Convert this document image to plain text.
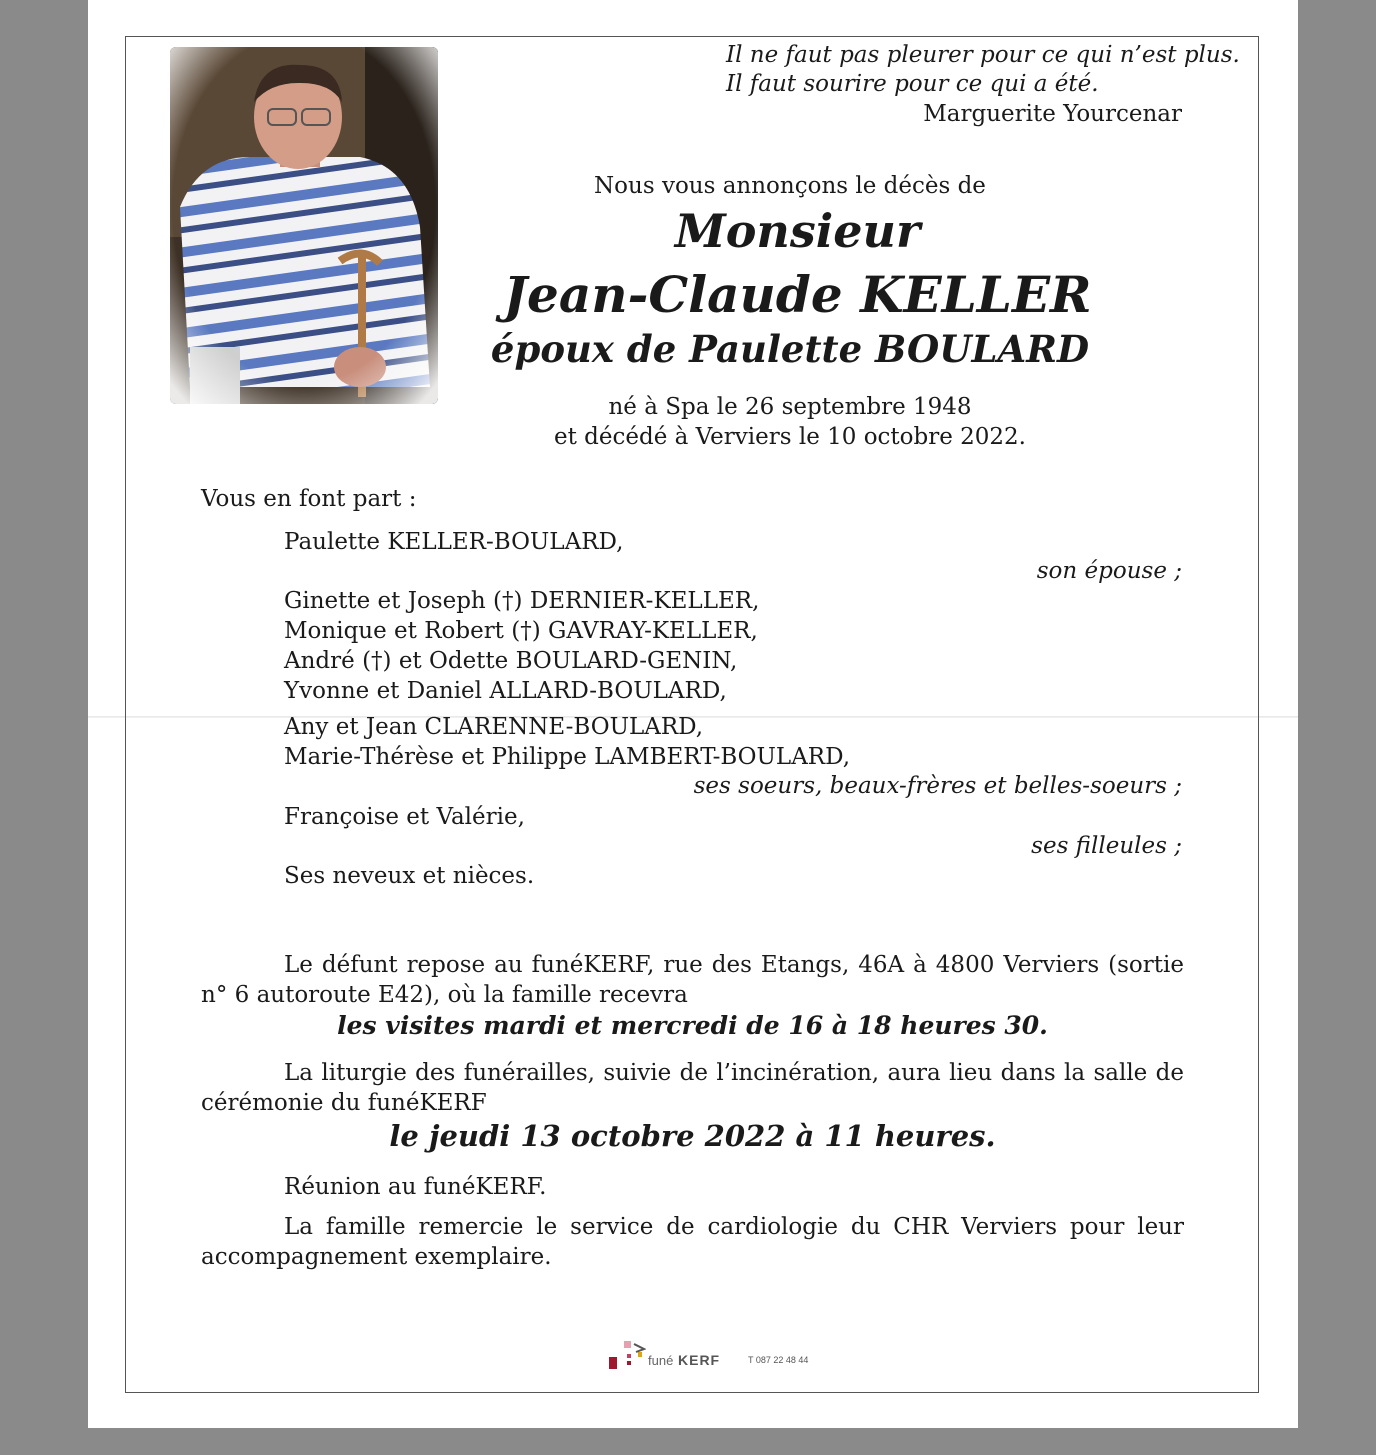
Il ne faut pas pleurer pour ce qui n’est plus.
Il faut sourire pour ce qui a été.
Marguerite Yourcenar
Nous vous annonçons le décès de
Monsieur
Jean-Claude KELLER
époux de Paulette BOULARD
né à Spa le 26 septembre 1948
et décédé à Verviers le 10 octobre 2022.
Vous en font part :
Paulette KELLER-BOULARD,
son épouse ;
Ginette et Joseph (†) DERNIER-KELLER,
Monique et Robert (†) GAVRAY-KELLER,
André (†) et Odette BOULARD-GENIN,
Yvonne et Daniel ALLARD-BOULARD,
Any et Jean CLARENNE-BOULARD,
Marie-Thérèse et Philippe LAMBERT-BOULARD,
ses soeurs, beaux-frères et belles-soeurs ;
Françoise et Valérie,
ses filleules ;
Ses neveux et nièces.
Le défunt repose au funéKERF, rue des Etangs, 46A à 4800 Verviers (sortie n° 6 autoroute E42), où la famille recevra
les visites mardi et mercredi de 16 à 18 heures 30.
La liturgie des funérailles, suivie de l’incinération, aura lieu dans la salle de cérémonie du funéKERF
le jeudi 13 octobre 2022 à 11 heures.
Réunion au funéKERF.
La famille remercie le service de cardiologie du CHR Verviers pour leur accompagnement exemplaire.
funé KERF	T 087 22 48 44
